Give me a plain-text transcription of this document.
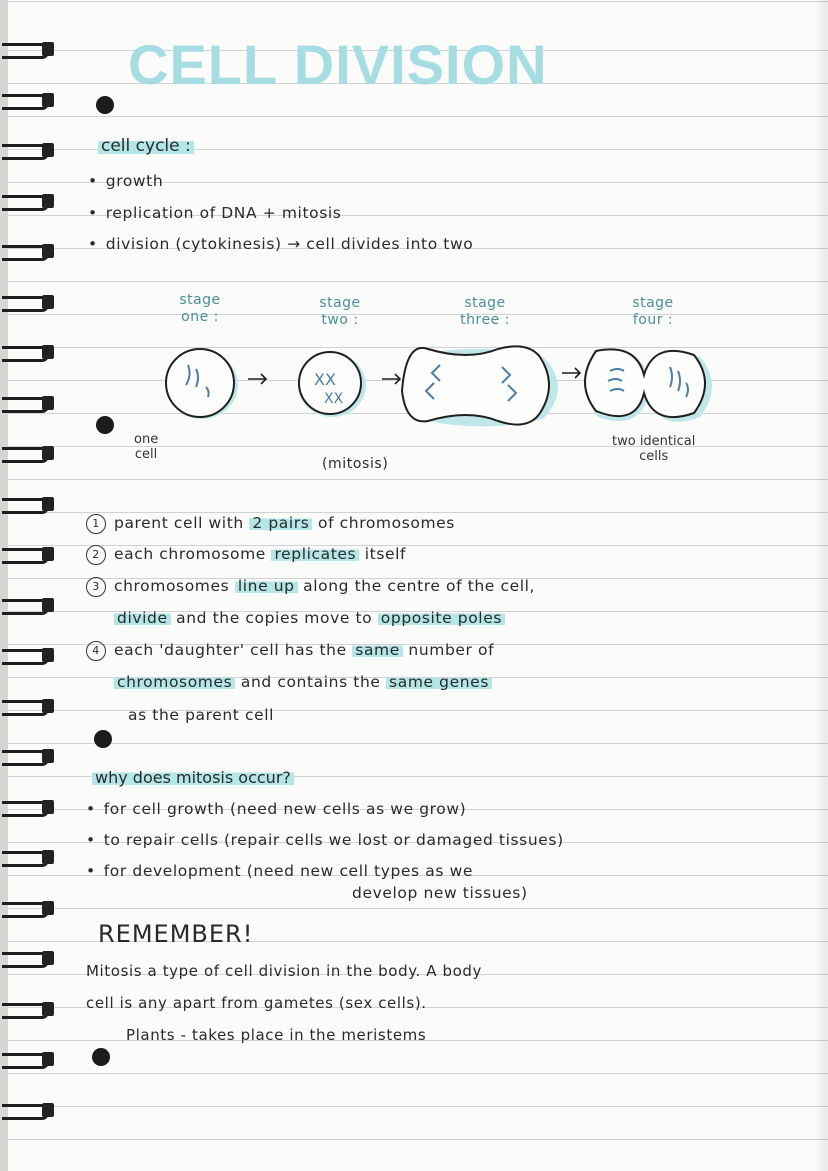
CELL DIVISION
cell cycle :
• growth
• replication of DNA + mitosis
• division (cytokinesis) → cell divides into two
stage
one :
stage
two :
stage
three :
stage
four :
XX
XX
one
cell
(mitosis)
two identical
cells
1 parent cell with 2 pairs of chromosomes
2 each chromosome replicates itself
3 chromosomes line up along the centre of the cell,
divide and the copies move to opposite poles
4 each 'daughter' cell has the same number of
chromosomes and contains the same genes
as the parent cell
why does mitosis occur?
• for cell growth (need new cells as we grow)
• to repair cells (repair cells we lost or damaged tissues)
• for development (need new cell types as we
develop new tissues)
REMEMBER!
Mitosis a type of cell division in the body. A body
cell is any apart from gametes (sex cells).
Plants - takes place in the meristems
